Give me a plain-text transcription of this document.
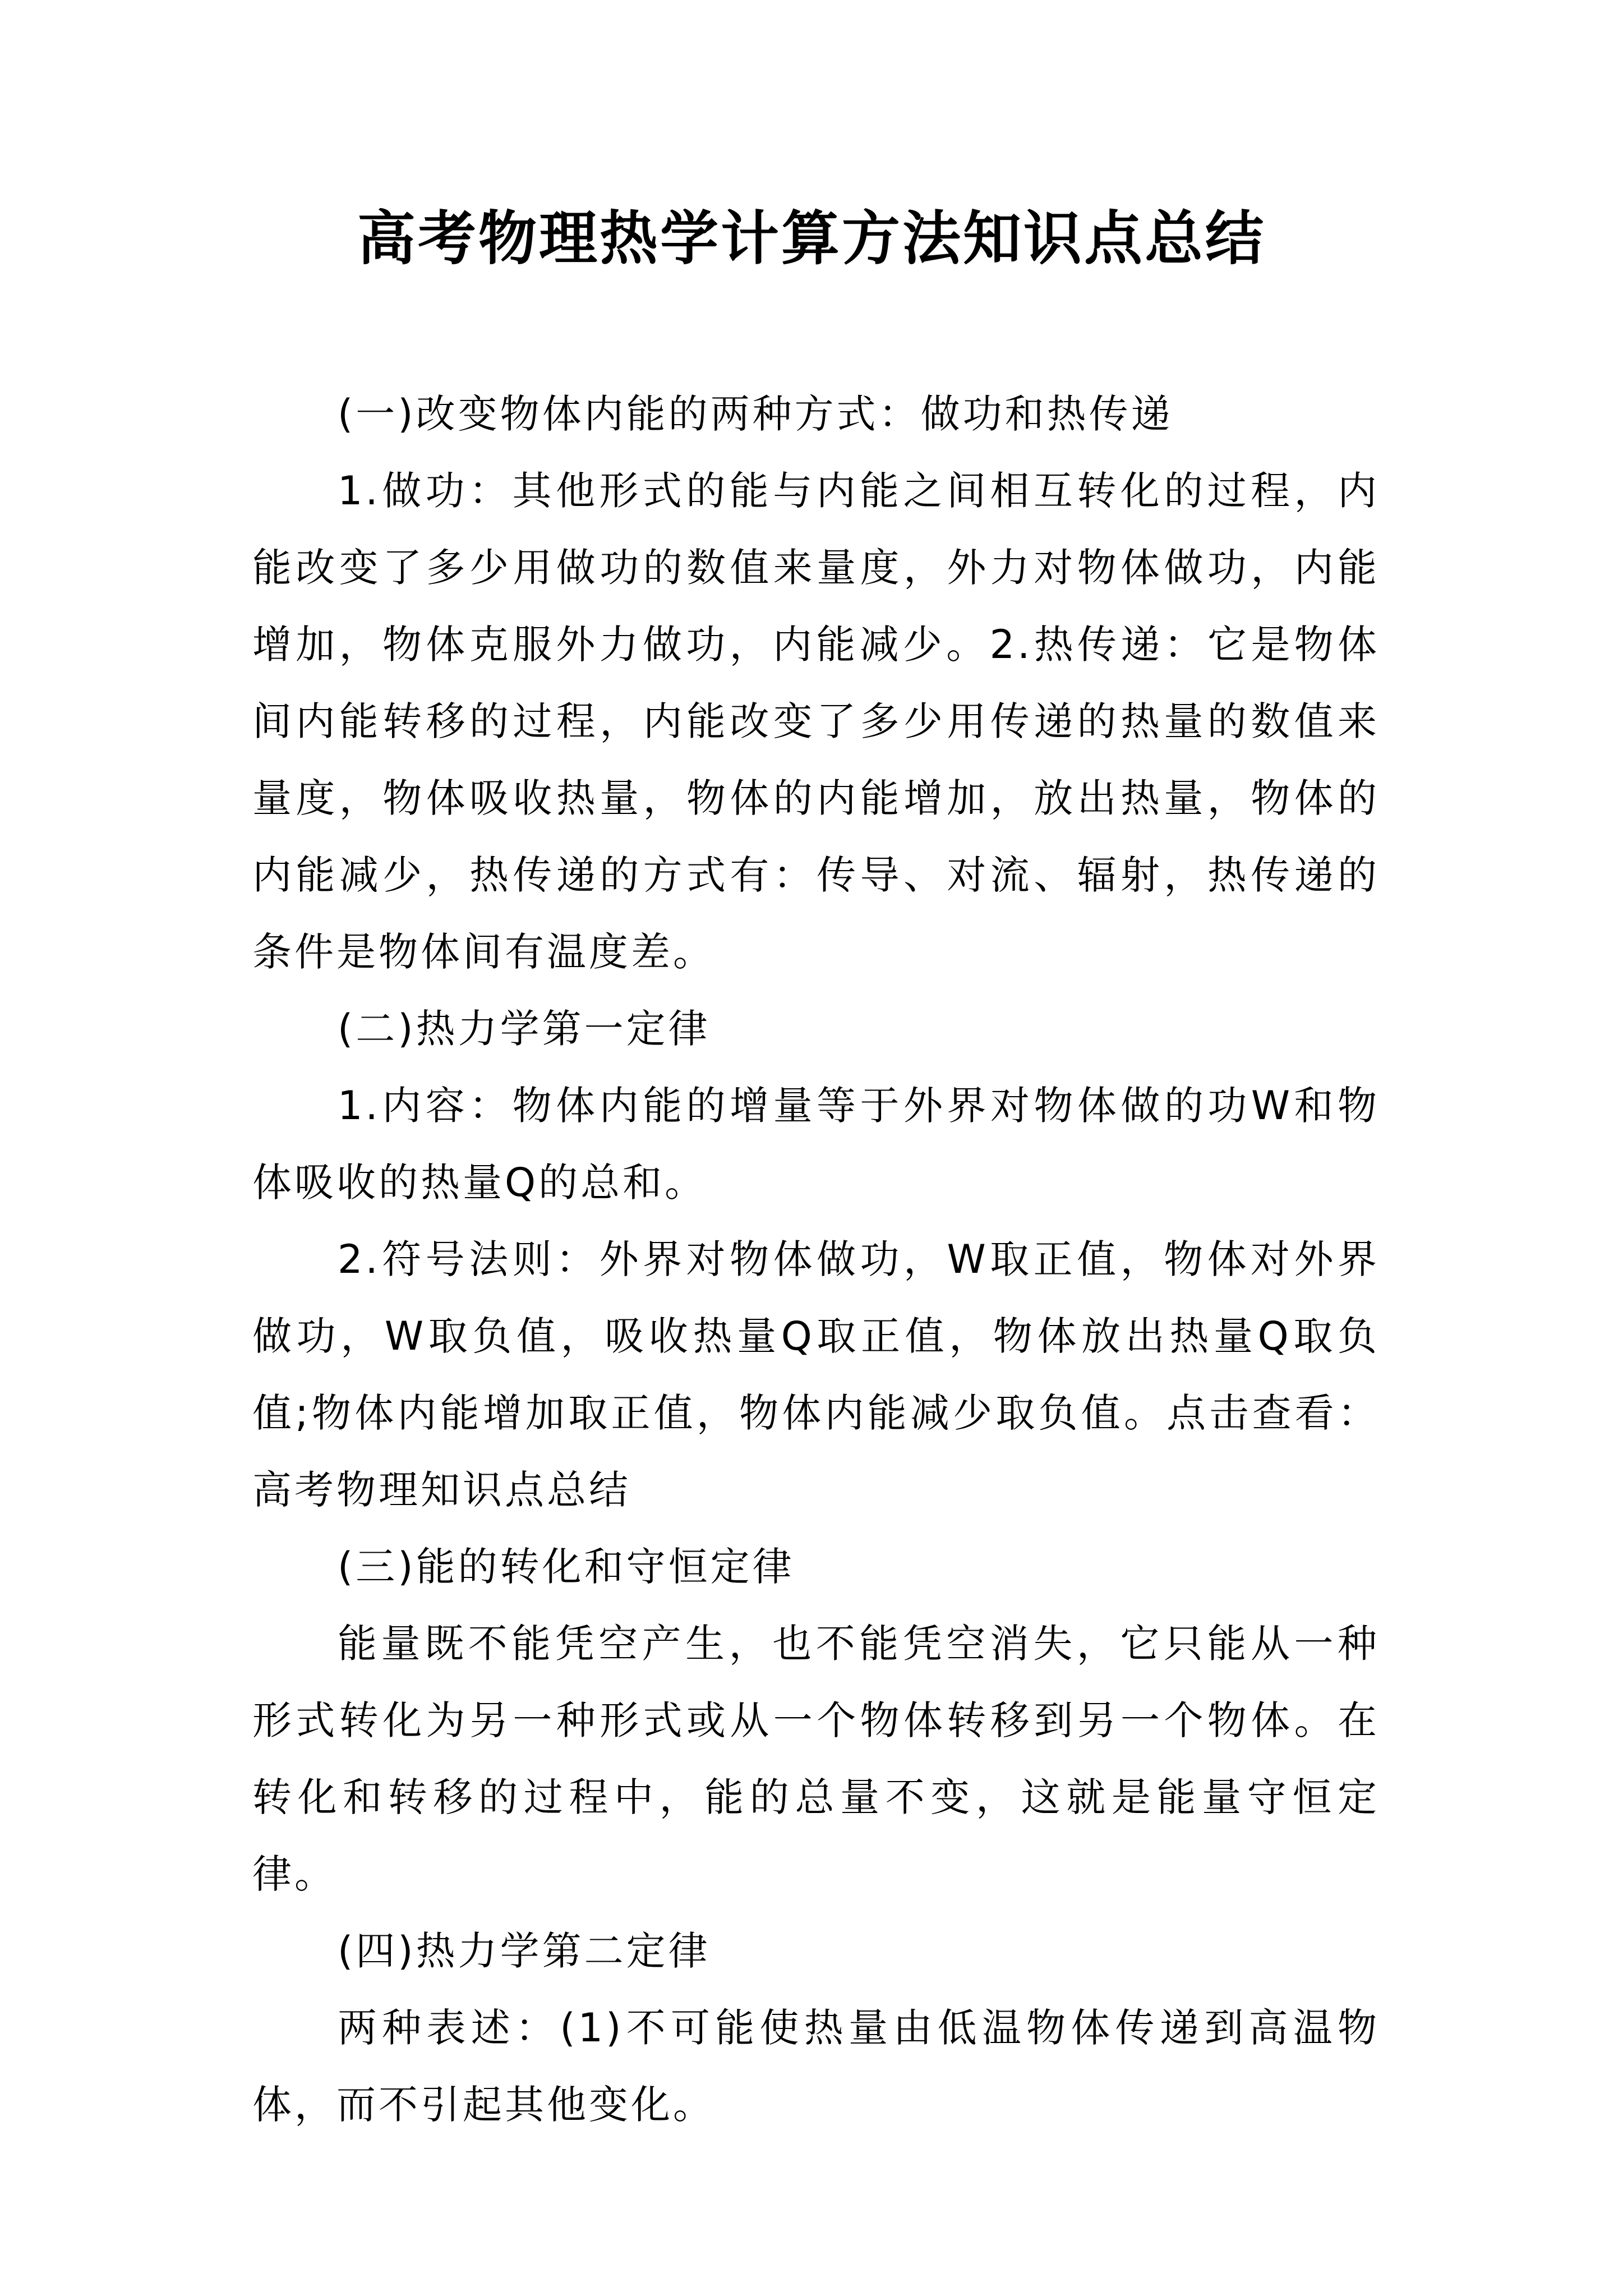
高考物理热学计算方法知识点总结

(一)改变物体内能的两种方式：做功和热传递

1.做功：其他形式的能与内能之间相互转化的过程，内能改变了多少用做功的数值来量度，外力对物体做功，内能增加，物体克服外力做功，内能减少。2.热传递：它是物体间内能转移的过程，内能改变了多少用传递的热量的数值来量度，物体吸收热量，物体的内能增加，放出热量，物体的内能减少，热传递的方式有：传导、对流、辐射，热传递的条件是物体间有温度差。

(二)热力学第一定律

1.内容：物体内能的增量等于外界对物体做的功W和物体吸收的热量Q的总和。

2.符号法则：外界对物体做功，W取正值，物体对外界做功，W取负值，吸收热量Q取正值，物体放出热量Q取负值;物体内能增加取正值，物体内能减少取负值。点击查看：高考物理知识点总结

(三)能的转化和守恒定律

能量既不能凭空产生，也不能凭空消失，它只能从一种形式转化为另一种形式或从一个物体转移到另一个物体。在转化和转移的过程中，能的总量不变，这就是能量守恒定律。

(四)热力学第二定律

两种表述：(1)不可能使热量由低温物体传递到高温物体，而不引起其他变化。
